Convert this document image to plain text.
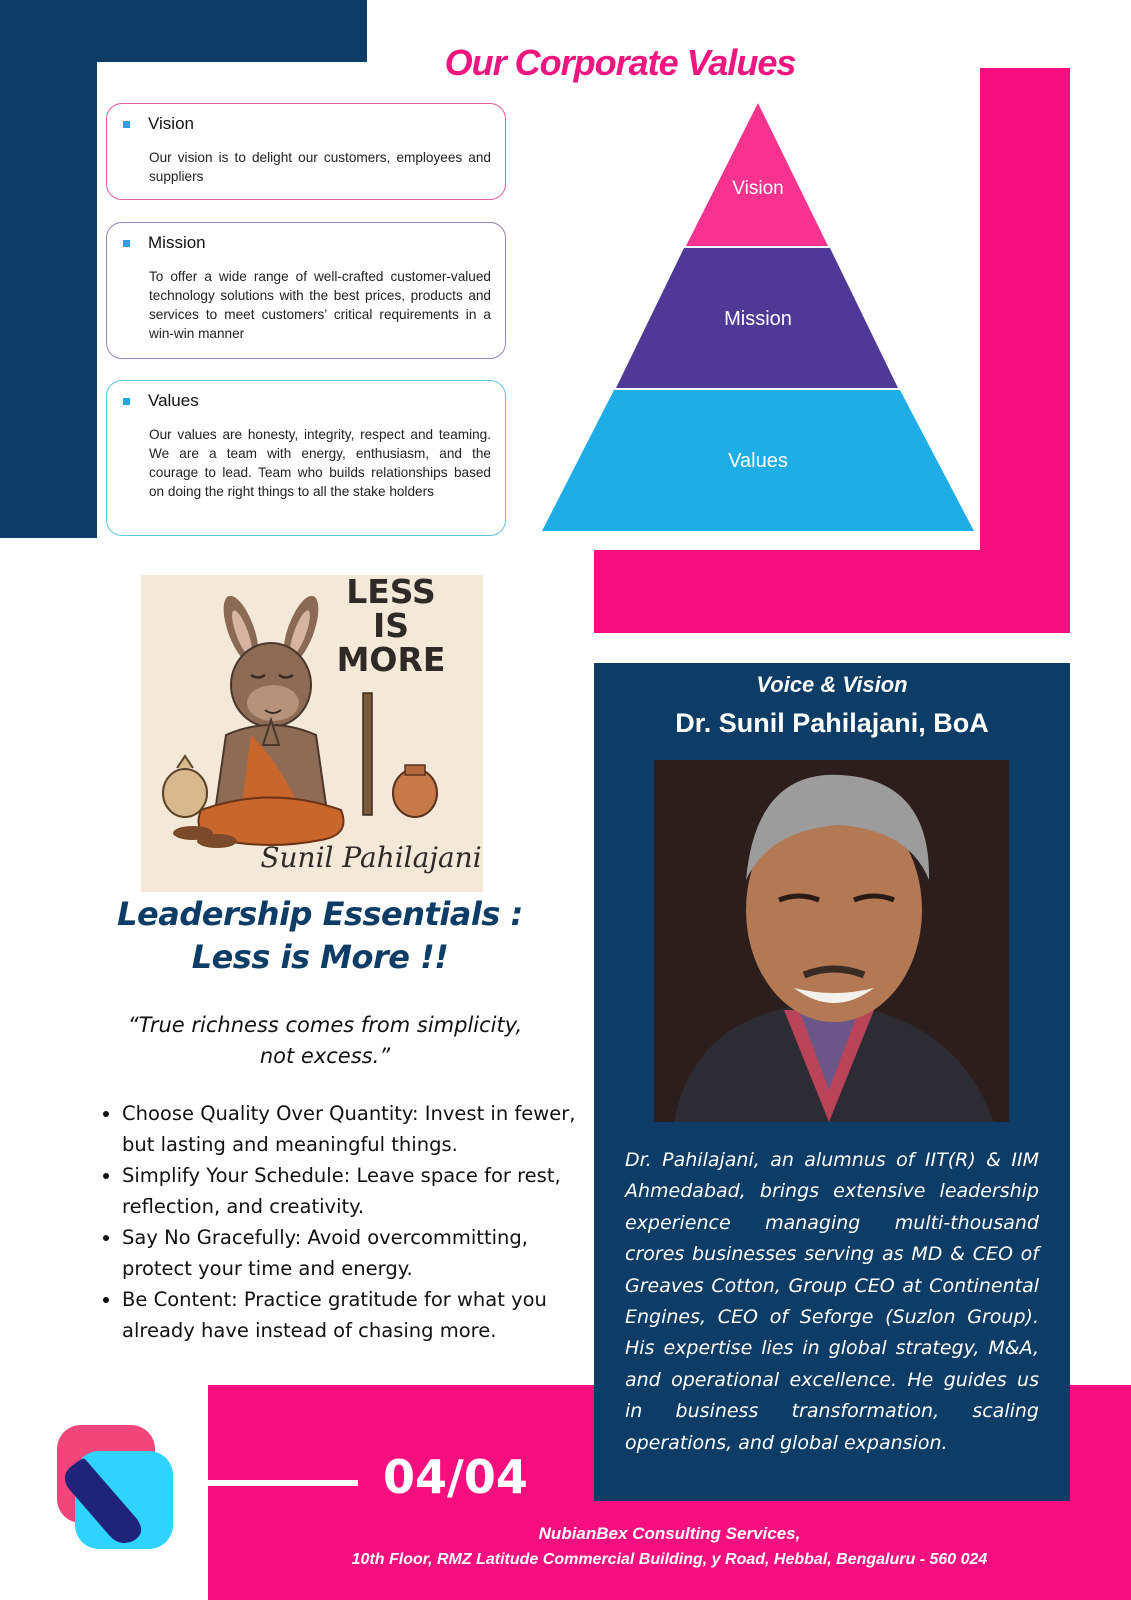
Our Corporate Values
Vision
Our vision is to delight our customers, employees and suppliers
Mission
To offer a wide range of well-crafted customer-valued technology solutions with the best prices, products and services to meet customers’ critical requirements in a win-win manner
Values
Our values are honesty, integrity, respect and teaming. We are a team with energy, enthusiasm, and the courage to lead. Team who builds relationships based on doing the right things to all the stake holders
Vision
Mission
Values
LESS
IS
MORE
Sunil Pahilajani
Leadership Essentials :
Less is More !!
“True richness comes from simplicity,
not excess.”
• Choose Quality Over Quantity: Invest in fewer, but lasting and meaningful things.
• Simplify Your Schedule: Leave space for rest, reflection, and creativity.
• Say No Gracefully: Avoid overcommitting, protect your time and energy.
• Be Content: Practice gratitude for what you already have instead of chasing more.
Voice & Vision
Dr. Sunil Pahilajani, BoA
Dr. Pahilajani, an alumnus of IIT(R) & IIM Ahmedabad, brings extensive leadership experience managing multi-thousand crores businesses serving as MD & CEO of Greaves Cotton, Group CEO at Continental Engines, CEO of Seforge (Suzlon Group). His expertise lies in global strategy, M&A, and operational excellence. He guides us in business transformation, scaling operations, and global expansion.
04/04
NubianBex Consulting Services,
10th Floor, RMZ Latitude Commercial Building, y Road, Hebbal, Bengaluru - 560 024
